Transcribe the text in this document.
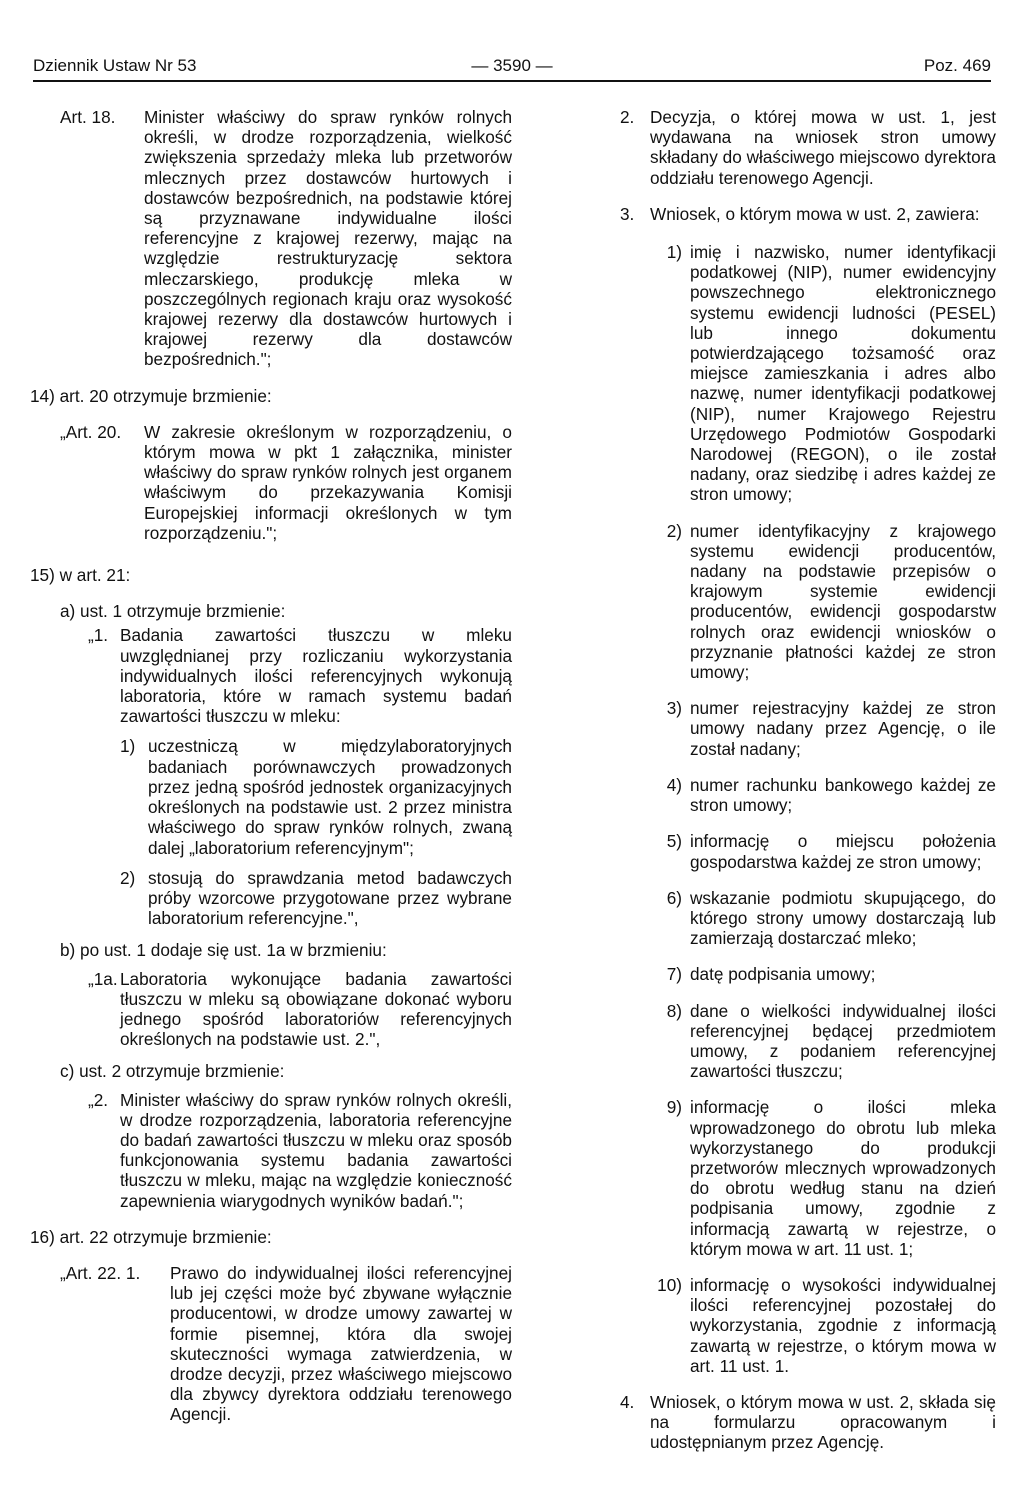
Dziennik Ustaw Nr 53	— 3590 —	Poz. 469
Art. 18.	Minister właściwy do spraw rynków rolnych określi, w drodze rozporządzenia, wielkość zwiększenia sprzedaży mleka lub przetworów mlecznych przez dostawców hurtowych i dostawców bezpośrednich, na podstawie której są przyznawane indywidualne ilości referencyjne z krajowej rezerwy, mając na względzie restrukturyzację sektora mleczarskiego, produkcję mleka w poszczególnych regionach kraju oraz wysokość krajowej rezerwy dla dostawców hurtowych i krajowej rezerwy dla dostawców bezpośrednich.";
14) art. 20 otrzymuje brzmienie:
„Art. 20.	W zakresie określonym w rozporządzeniu, o którym mowa w pkt 1 załącznika, minister właściwy do spraw rynków rolnych jest organem właściwym do przekazywania Komisji Europejskiej informacji określonych w tym rozporządzeniu.";
15) w art. 21:
a) ust. 1 otrzymuje brzmienie:
„1. Badania zawartości tłuszczu w mleku uwzględnianej przy rozliczaniu wykorzystania indywidualnych ilości referencyjnych wykonują laboratoria, które w ramach systemu badań zawartości tłuszczu w mleku:
1) uczestniczą w międzylaboratoryjnych badaniach porównawczych prowadzonych przez jedną spośród jednostek organizacyjnych określonych na podstawie ust. 2 przez ministra właściwego do spraw rynków rolnych, zwaną dalej „laboratorium referencyjnym";
2) stosują do sprawdzania metod badawczych próby wzorcowe przygotowane przez wybrane laboratorium referencyjne.",
b) po ust. 1 dodaje się ust. 1a w brzmieniu:
„1a. Laboratoria wykonujące badania zawartości tłuszczu w mleku są obowiązane dokonać wyboru jednego spośród laboratoriów referencyjnych określonych na podstawie ust. 2.",
c) ust. 2 otrzymuje brzmienie:
„2. Minister właściwy do spraw rynków rolnych określi, w drodze rozporządzenia, laboratoria referencyjne do badań zawartości tłuszczu w mleku oraz sposób funkcjonowania systemu badania zawartości tłuszczu w mleku, mając na względzie konieczność zapewnienia wiarygodnych wyników badań.";
16) art. 22 otrzymuje brzmienie:
„Art. 22. 1.	Prawo do indywidualnej ilości referencyjnej lub jej części może być zbywane wyłącznie producentowi, w drodze umowy zawartej w formie pisemnej, która dla swojej skuteczności wymaga zatwierdzenia, w drodze decyzji, przez właściwego miejscowo dla zbywcy dyrektora oddziału terenowego Agencji.
2. Decyzja, o której mowa w ust. 1, jest wydawana na wniosek stron umowy składany do właściwego miejscowo dyrektora oddziału terenowego Agencji.
3. Wniosek, o którym mowa w ust. 2, zawiera:
1) imię i nazwisko, numer identyfikacji podatkowej (NIP), numer ewidencyjny powszechnego elektronicznego systemu ewidencji ludności (PESEL) lub innego dokumentu potwierdzającego tożsamość oraz miejsce zamieszkania i adres albo nazwę, numer identyfikacji podatkowej (NIP), numer Krajowego Rejestru Urzędowego Podmiotów Gospodarki Narodowej (REGON), o ile został nadany, oraz siedzibę i adres każdej ze stron umowy;
2) numer identyfikacyjny z krajowego systemu ewidencji producentów, nadany na podstawie przepisów o krajowym systemie ewidencji producentów, ewidencji gospodarstw rolnych oraz ewidencji wniosków o przyznanie płatności każdej ze stron umowy;
3) numer rejestracyjny każdej ze stron umowy nadany przez Agencję, o ile został nadany;
4) numer rachunku bankowego każdej ze stron umowy;
5) informację o miejscu położenia gospodarstwa każdej ze stron umowy;
6) wskazanie podmiotu skupującego, do którego strony umowy dostarczają lub zamierzają dostarczać mleko;
7) datę podpisania umowy;
8) dane o wielkości indywidualnej ilości referencyjnej będącej przedmiotem umowy, z podaniem referencyjnej zawartości tłuszczu;
9) informację o ilości mleka wprowadzonego do obrotu lub mleka wykorzystanego do produkcji przetworów mlecznych wprowadzonych do obrotu według stanu na dzień podpisania umowy, zgodnie z informacją zawartą w rejestrze, o którym mowa w art. 11 ust. 1;
10) informację o wysokości indywidualnej ilości referencyjnej pozostałej do wykorzystania, zgodnie z informacją zawartą w rejestrze, o którym mowa w art. 11 ust. 1.
4. Wniosek, o którym mowa w ust. 2, składa się na formularzu opracowanym i udostępnianym przez Agencję.
